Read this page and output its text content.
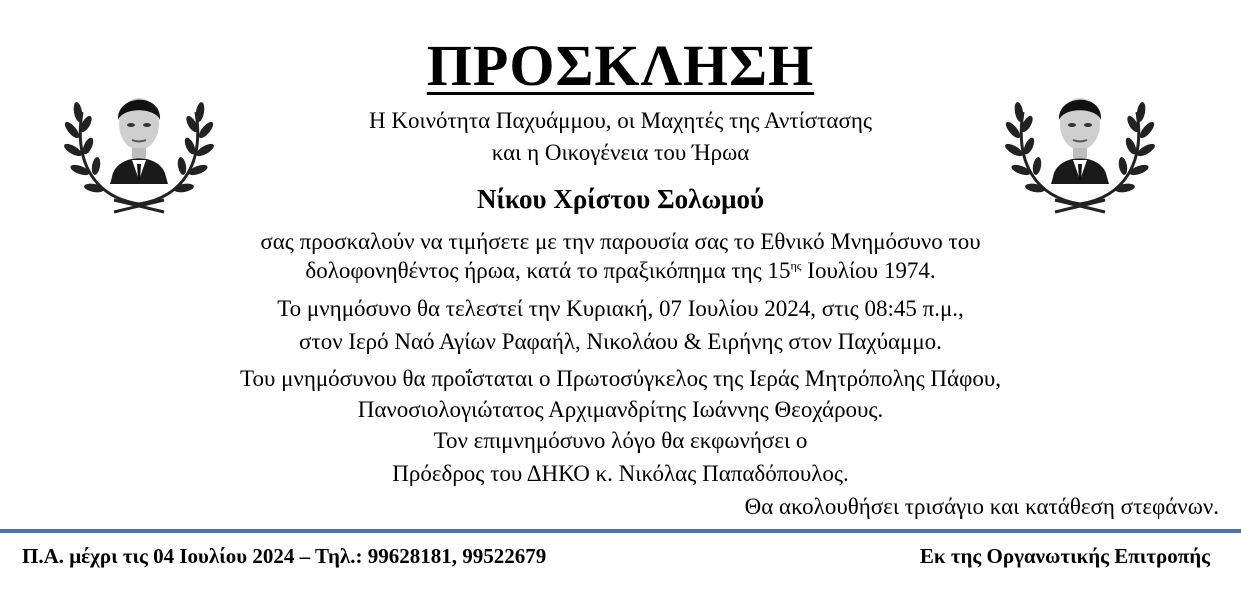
ΠΡΟΣΚΛΗΣΗ
Η Κοινότητα Παχυάμμου, οι Μαχητές της Αντίστασης
και η Οικογένεια του Ήρωα
Νίκου Χρίστου Σολωμού
σας προσκαλούν να τιμήσετε με την παρουσία σας το Εθνικό Μνημόσυνο του
δολοφονηθέντος ήρωα, κατά το πραξικόπημα της $15^{\eta\varsigma}$ Ιουλίου 1974.
Το μνημόσυνο θα τελεστεί την Κυριακή, 07 Ιουλίου 2024, στις 08:45 π.μ.,
στον Ιερό Ναό Αγίων Ραφαήλ, Νικολάου & Ειρήνης στον Παχύαμμο.
Του μνημόσυνου θα προΐσταται ο Πρωτοσύγκελος της Ιεράς Μητρόπολης Πάφου,
Πανοσιολογιώτατος Αρχιμανδρίτης Ιωάννης Θεοχάρους.
Τον επιμνημόσυνο λόγο θα εκφωνήσει ο
Πρόεδρος του ΔΗΚΟ κ. Νικόλας Παπαδόπουλος.
Θα ακολουθήσει τρισάγιο και κατάθεση στεφάνων.
Π.Α. μέχρι τις 04 Ιουλίου 2024 – Τηλ.: 99628181, 99522679	Εκ της Οργανωτικής Επιτροπής
